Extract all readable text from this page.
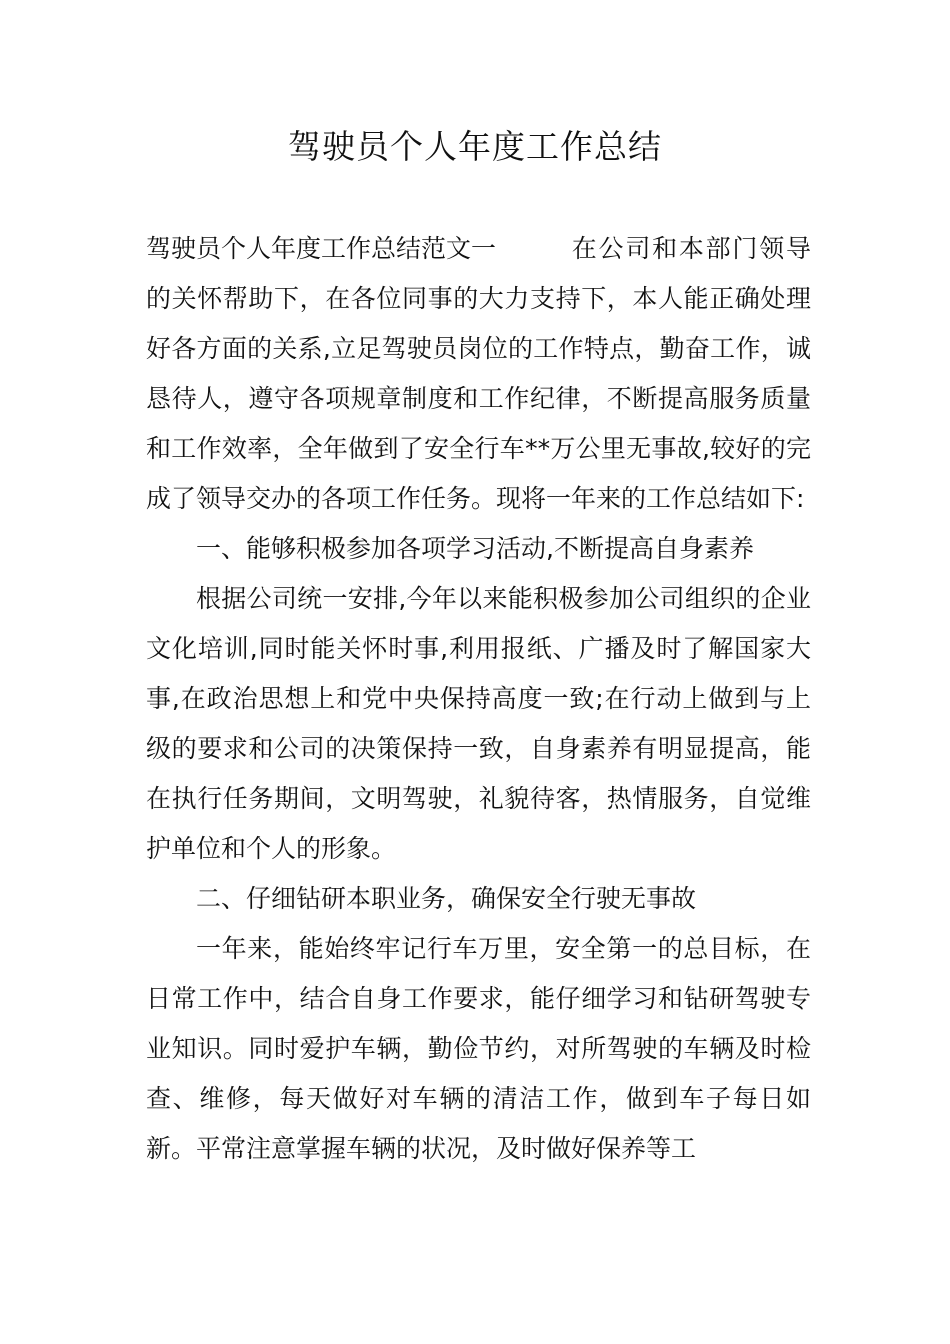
驾驶员个人年度工作总结

驾驶员个人年度工作总结范文一	在公司和本部门领导的关怀帮助下，在各位同事的大力支持下，本人能正确处理好各方面的关系,立足驾驶员岗位的工作特点，勤奋工作，诚恳待人，遵守各项规章制度和工作纪律，不断提高服务质量和工作效率，全年做到了安全行车**万公里无事故,较好的完成了领导交办的各项工作任务。现将一年来的工作总结如下:

一、能够积极参加各项学习活动,不断提高自身素养

根据公司统一安排,今年以来能积极参加公司组织的企业文化培训,同时能关怀时事,利用报纸、广播及时了解国家大事,在政治思想上和党中央保持高度一致;在行动上做到与上级的要求和公司的决策保持一致，自身素养有明显提高，能在执行任务期间，文明驾驶，礼貌待客，热情服务，自觉维护单位和个人的形象。

二、仔细钻研本职业务，确保安全行驶无事故

一年来，能始终牢记行车万里，安全第一的总目标，在日常工作中，结合自身工作要求，能仔细学习和钻研驾驶专业知识。同时爱护车辆，勤俭节约，对所驾驶的车辆及时检查、维修，每天做好对车辆的清洁工作，做到车子每日如新。平常注意掌握车辆的状况，及时做好保养等工
